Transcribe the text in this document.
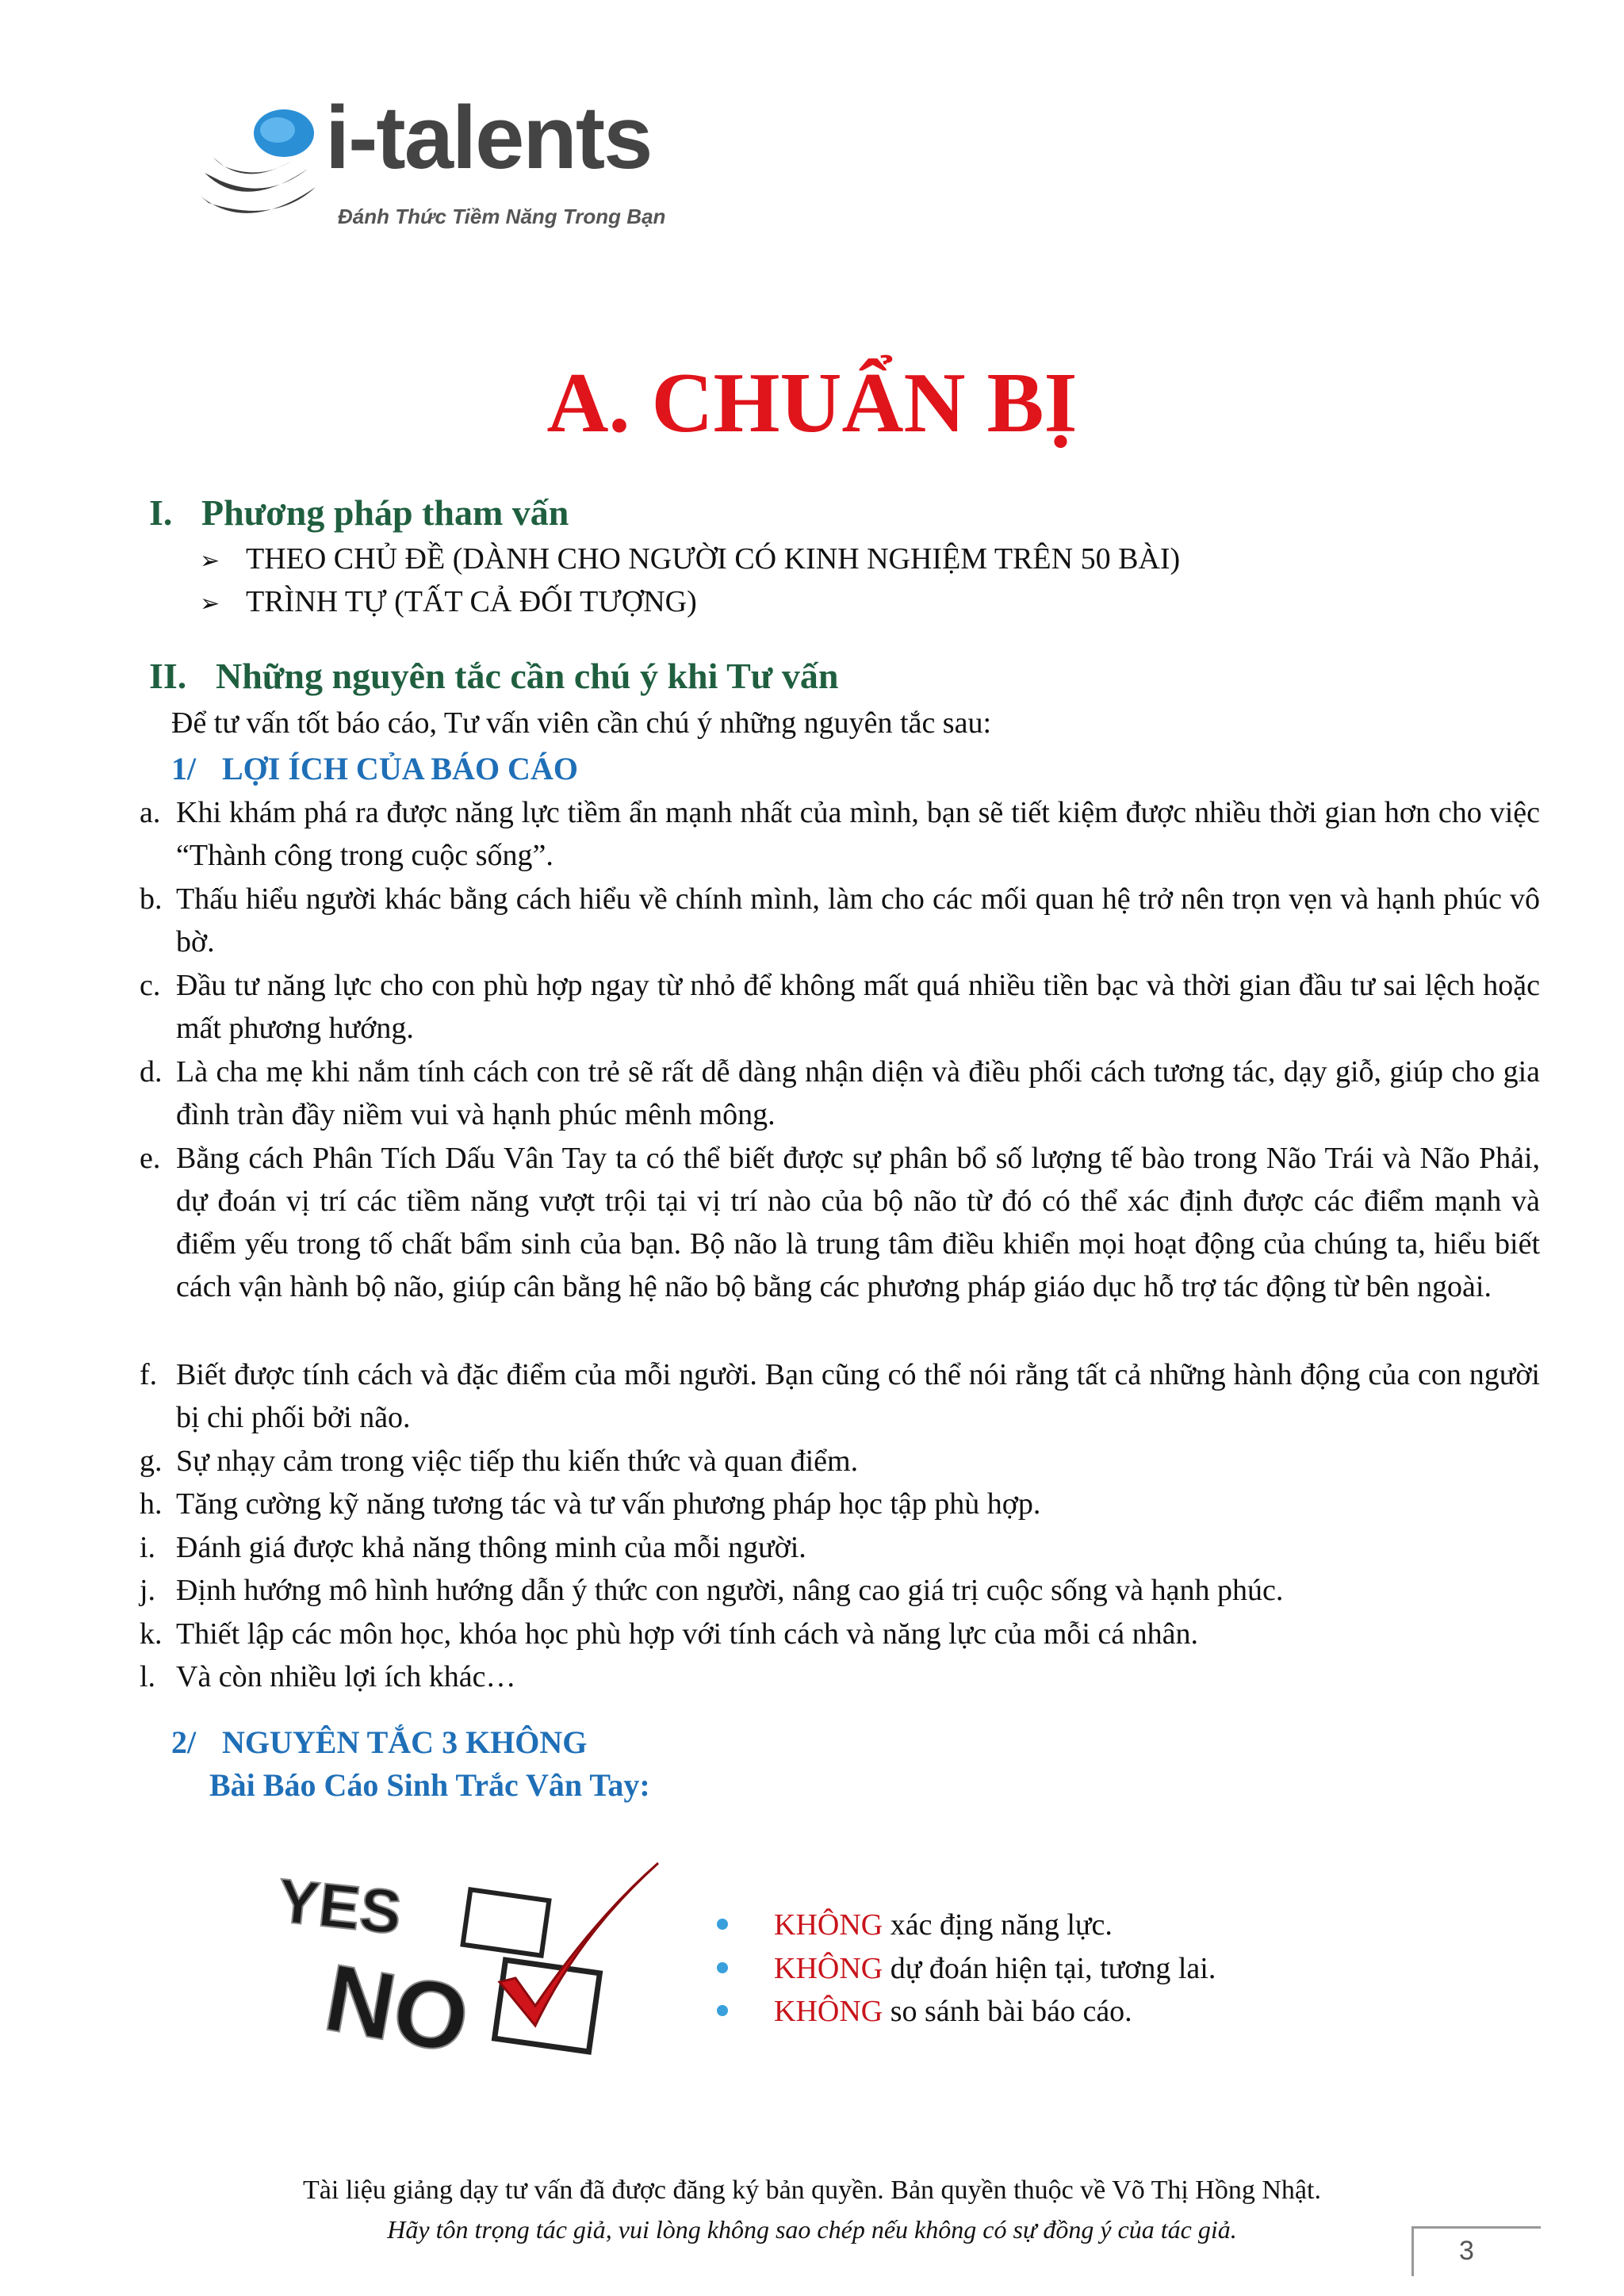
i-talents
Đánh Thức Tiềm Năng Trong Bạn
A. CHUẨN BỊ
I. Phương pháp tham vấn
➢ THEO CHỦ ĐỀ (DÀNH CHO NGƯỜI CÓ KINH NGHIỆM TRÊN 50 BÀI)
➢ TRÌNH TỰ (TẤT CẢ ĐỐI TƯỢNG)
II. Những nguyên tắc cần chú ý khi Tư vấn
Để tư vấn tốt báo cáo, Tư vấn viên cần chú ý những nguyên tắc sau:
1/ LỢI ÍCH CỦA BÁO CÁO
a. Khi khám phá ra được năng lực tiềm ẩn mạnh nhất của mình, bạn sẽ tiết kiệm được nhiều thời gian hơn cho việc “Thành công trong cuộc sống”.
b. Thấu hiểu người khác bằng cách hiểu về chính mình, làm cho các mối quan hệ trở nên trọn vẹn và hạnh phúc vô bờ.
c. Đầu tư năng lực cho con phù hợp ngay từ nhỏ để không mất quá nhiều tiền bạc và thời gian đầu tư sai lệch hoặc mất phương hướng.
d. Là cha mẹ khi nắm tính cách con trẻ sẽ rất dễ dàng nhận diện và điều phối cách tương tác, dạy giỗ, giúp cho gia đình tràn đầy niềm vui và hạnh phúc mênh mông.
e. Bằng cách Phân Tích Dấu Vân Tay ta có thể biết được sự phân bổ số lượng tế bào trong Não Trái và Não Phải, dự đoán vị trí các tiềm năng vượt trội tại vị trí nào của bộ não từ đó có thể xác định được các điểm mạnh và điểm yếu trong tố chất bẩm sinh của bạn. Bộ não là trung tâm điều khiển mọi hoạt động của chúng ta, hiểu biết cách vận hành bộ não, giúp cân bằng hệ não bộ bằng các phương pháp giáo dục hỗ trợ tác động từ bên ngoài.
f. Biết được tính cách và đặc điểm của mỗi người. Bạn cũng có thể nói rằng tất cả những hành động của con người bị chi phối bởi não.
g. Sự nhạy cảm trong việc tiếp thu kiến thức và quan điểm.
h. Tăng cường kỹ năng tương tác và tư vấn phương pháp học tập phù hợp.
i. Đánh giá được khả năng thông minh của mỗi người.
j. Định hướng mô hình hướng dẫn ý thức con người, nâng cao giá trị cuộc sống và hạnh phúc.
k. Thiết lập các môn học, khóa học phù hợp với tính cách và năng lực của mỗi cá nhân.
l. Và còn nhiều lợi ích khác…
2/ NGUYÊN TẮC 3 KHÔNG
Bài Báo Cáo Sinh Trắc Vân Tay:
YES
NO
KHÔNG xác địng năng lực.
KHÔNG dự đoán hiện tại, tương lai.
KHÔNG so sánh bài báo cáo.
Tài liệu giảng dạy tư vấn đã được đăng ký bản quyền. Bản quyền thuộc về Võ Thị Hồng Nhật.
Hãy tôn trọng tác giả, vui lòng không sao chép nếu không có sự đồng ý của tác giả.
3
